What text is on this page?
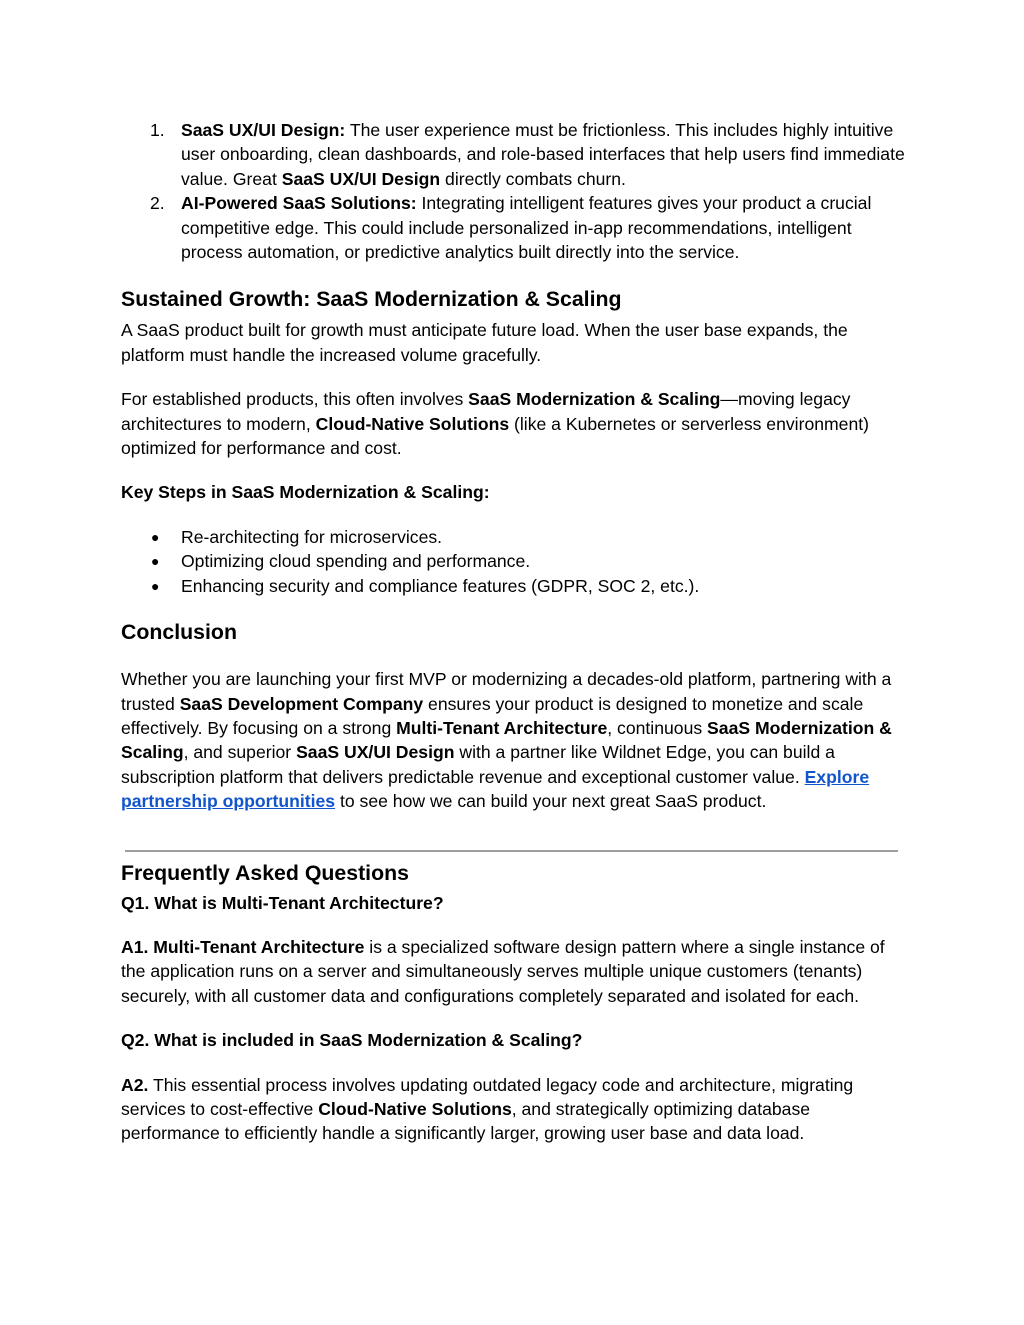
1. SaaS UX/UI Design: The user experience must be frictionless. This includes highly intuitive user onboarding, clean dashboards, and role-based interfaces that help users find immediate value. Great SaaS UX/UI Design directly combats churn.
2. AI-Powered SaaS Solutions: Integrating intelligent features gives your product a crucial competitive edge. This could include personalized in-app recommendations, intelligent process automation, or predictive analytics built directly into the service.
Sustained Growth: SaaS Modernization & Scaling

A SaaS product built for growth must anticipate future load. When the user base expands, the platform must handle the increased volume gracefully.

For established products, this often involves SaaS Modernization & Scaling—moving legacy architectures to modern, Cloud-Native Solutions (like a Kubernetes or serverless environment) optimized for performance and cost.

Key Steps in SaaS Modernization & Scaling:
● Re-architecting for microservices.
● Optimizing cloud spending and performance.
● Enhancing security and compliance features (GDPR, SOC 2, etc.).
Conclusion

Whether you are launching your first MVP or modernizing a decades-old platform, partnering with a trusted SaaS Development Company ensures your product is designed to monetize and scale effectively. By focusing on a strong Multi-Tenant Architecture, continuous SaaS Modernization & Scaling, and superior SaaS UX/UI Design with a partner like Wildnet Edge, you can build a subscription platform that delivers predictable revenue and exceptional customer value. Explore partnership opportunities to see how we can build your next great SaaS product.

Frequently Asked Questions
Q1. What is Multi-Tenant Architecture?

A1. Multi-Tenant Architecture is a specialized software design pattern where a single instance of the application runs on a server and simultaneously serves multiple unique customers (tenants) securely, with all customer data and configurations completely separated and isolated for each.

Q2. What is included in SaaS Modernization & Scaling?

A2. This essential process involves updating outdated legacy code and architecture, migrating services to cost-effective Cloud-Native Solutions, and strategically optimizing database performance to efficiently handle a significantly larger, growing user base and data load.
